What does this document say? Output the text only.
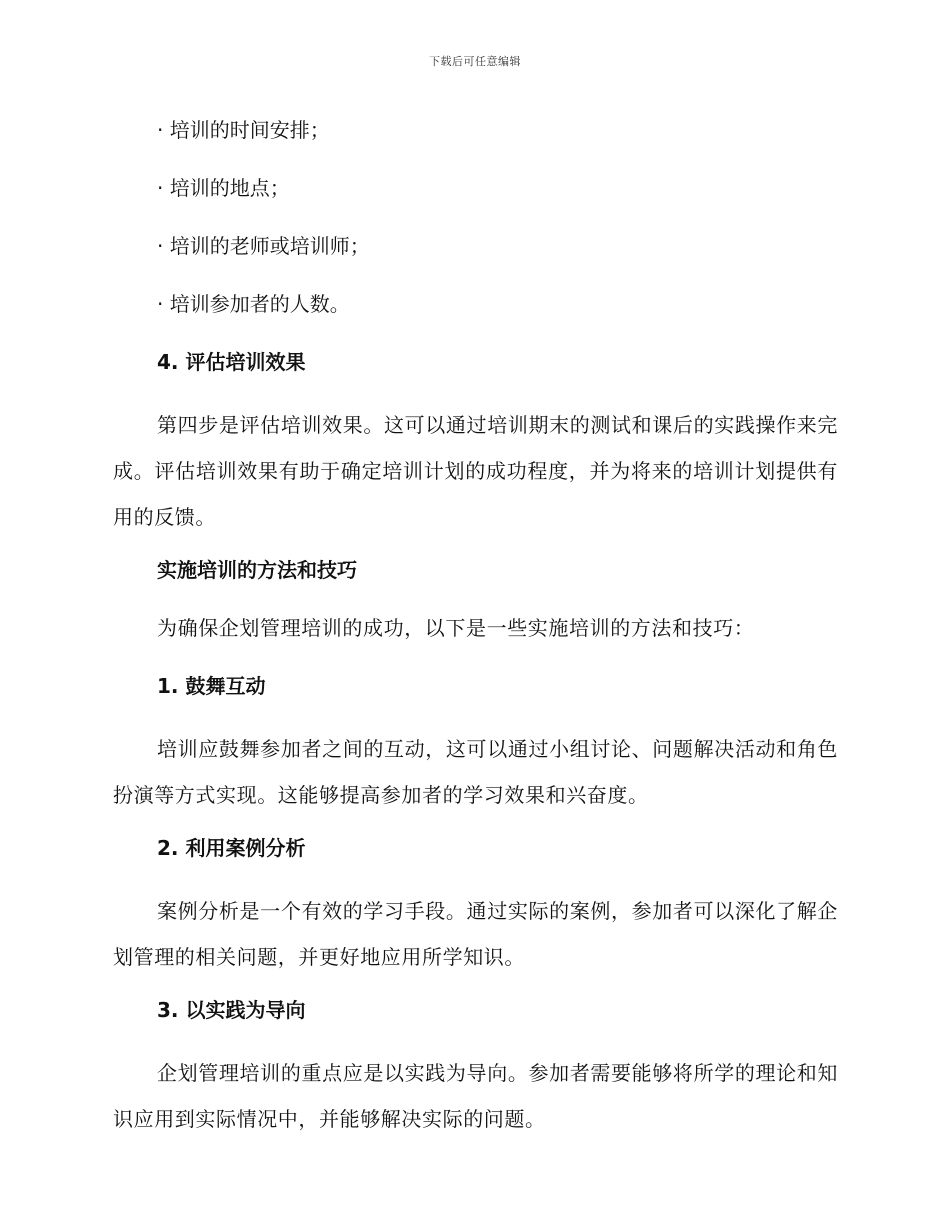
下载后可任意编辑

· 培训的时间安排；

· 培训的地点；

· 培训的老师或培训师；

· 培训参加者的人数。

4. 评估培训效果

第四步是评估培训效果。这可以通过培训期末的测试和课后的实践操作来完成。评估培训效果有助于确定培训计划的成功程度，并为将来的培训计划提供有用的反馈。

实施培训的方法和技巧

为确保企划管理培训的成功，以下是一些实施培训的方法和技巧：

1. 鼓舞互动

培训应鼓舞参加者之间的互动，这可以通过小组讨论、问题解决活动和角色扮演等方式实现。这能够提高参加者的学习效果和兴奋度。

2. 利用案例分析

案例分析是一个有效的学习手段。通过实际的案例，参加者可以深化了解企划管理的相关问题，并更好地应用所学知识。

3. 以实践为导向

企划管理培训的重点应是以实践为导向。参加者需要能够将所学的理论和知识应用到实际情况中，并能够解决实际的问题。
